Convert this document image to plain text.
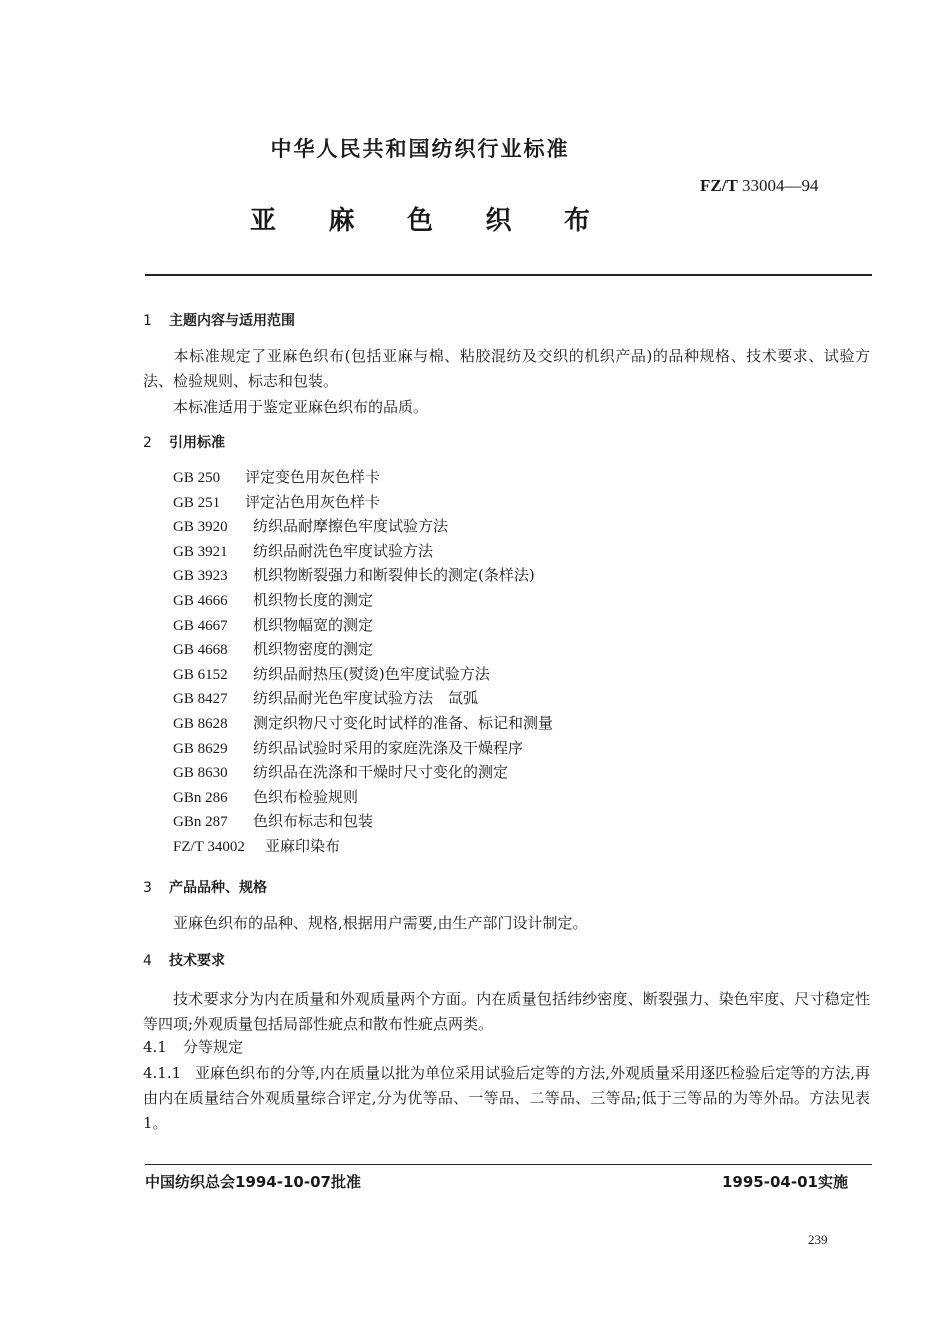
中华人民共和国纺织行业标准
FZ/T 33004—94
亚 麻 色 织 布
1 主题内容与适用范围
本标准规定了亚麻色织布(包括亚麻与棉、粘胶混纺及交织的机织产品)的品种规格、技术要求、试验方法、检验规则、标志和包装。
本标准适用于鉴定亚麻色织布的品质。
2 引用标准
GB 250 评定变色用灰色样卡
GB 251 评定沾色用灰色样卡
GB 3920 纺织品耐摩擦色牢度试验方法
GB 3921 纺织品耐洗色牢度试验方法
GB 3923 机织物断裂强力和断裂伸长的测定(条样法)
GB 4666 机织物长度的测定
GB 4667 机织物幅宽的测定
GB 4668 机织物密度的测定
GB 6152 纺织品耐热压(熨烫)色牢度试验方法
GB 8427 纺织品耐光色牢度试验方法　氙弧
GB 8628 测定织物尺寸变化时试样的准备、标记和测量
GB 8629 纺织品试验时采用的家庭洗涤及干燥程序
GB 8630 纺织品在洗涤和干燥时尺寸变化的测定
GBn 286 色织布检验规则
GBn 287 色织布标志和包装
FZ/T 34002 亚麻印染布
3 产品品种、规格
亚麻色织布的品种、规格,根据用户需要,由生产部门设计制定。
4 技术要求
技术要求分为内在质量和外观质量两个方面。内在质量包括纬纱密度、断裂强力、染色牢度、尺寸稳定性等四项;外观质量包括局部性疵点和散布性疵点两类。
4.1 分等规定
4.1.1 亚麻色织布的分等,内在质量以批为单位采用试验后定等的方法,外观质量采用逐匹检验后定等的方法,再由内在质量结合外观质量综合评定,分为优等品、一等品、二等品、三等品;低于三等品的为等外品。方法见表1。
中国纺织总会1994-10-07批准	1995-04-01实施
239
